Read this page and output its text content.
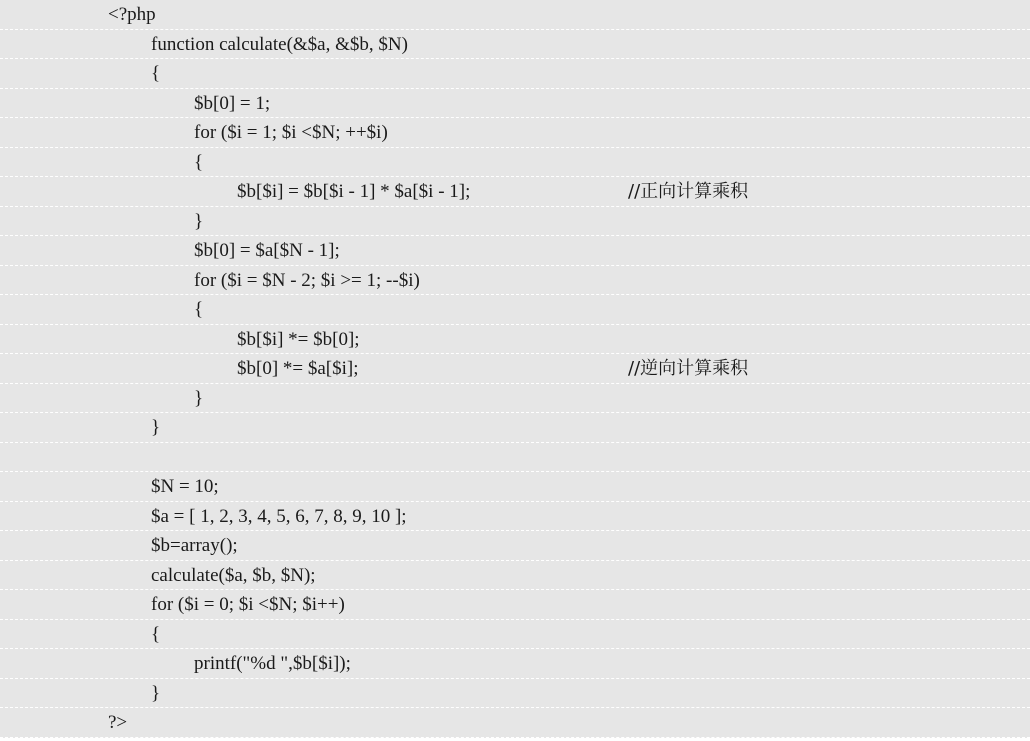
<?php
function calculate(&$a, &$b, $N)
{
$b[0] = 1;
for ($i = 1; $i <$N; ++$i)
{
$b[$i] = $b[$i - 1] * $a[$i - 1];	//正向计算乘积
}
$b[0] = $a[$N - 1];
for ($i = $N - 2; $i >= 1; --$i)
{
$b[$i] *= $b[0];
$b[0] *= $a[$i];	//逆向计算乘积
}
}
$N = 10;
$a = [ 1, 2, 3, 4, 5, 6, 7, 8, 9, 10 ];
$b=array();
calculate($a, $b, $N);
for ($i = 0; $i <$N; $i++)
{
printf("%d ",$b[$i]);
}
?>
